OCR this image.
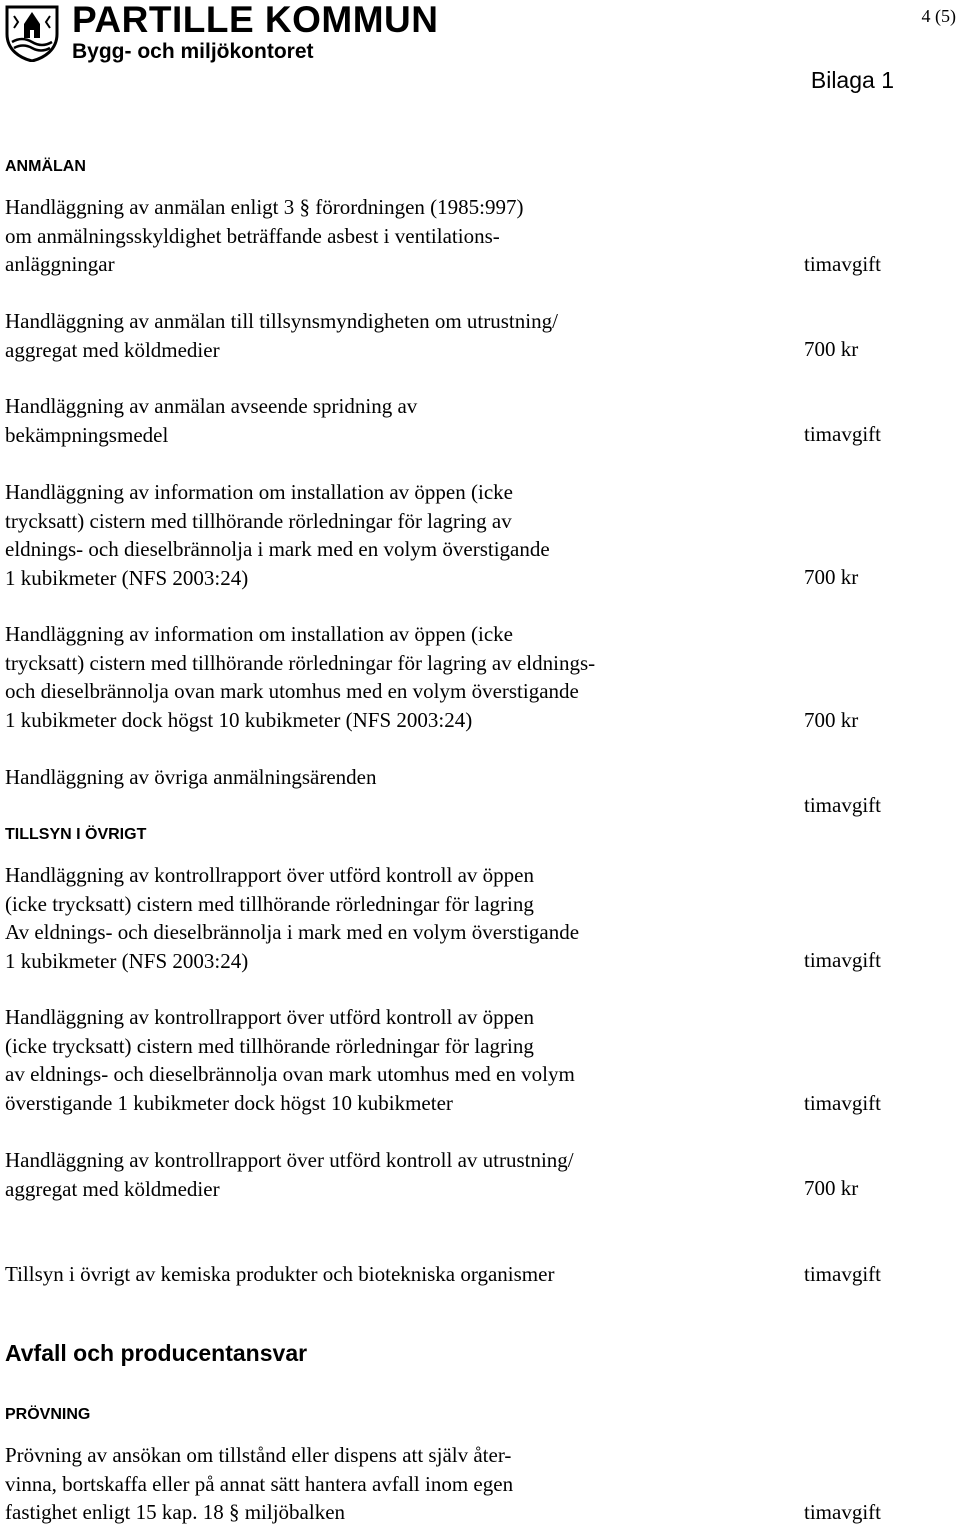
PARTILLE KOMMUN
Bygg- och miljökontoret
4 (5)
Bilaga 1
ANMÄLAN
Handläggning av anmälan enligt 3 § förordningen (1985:997)
om anmälningsskyldighet beträffande asbest i ventilations-
anläggningar	timavgift
Handläggning av anmälan till tillsynsmyndigheten om utrustning/
aggregat med köldmedier	700 kr
Handläggning av anmälan avseende spridning av
bekämpningsmedel	timavgift
Handläggning av information om installation av öppen (icke
trycksatt) cistern med tillhörande rörledningar för lagring av
eldnings- och dieselbrännolja i mark med en volym överstigande
1 kubikmeter (NFS 2003:24)	700 kr
Handläggning av information om installation av öppen (icke
trycksatt) cistern med tillhörande rörledningar för lagring av eldnings-
och dieselbrännolja ovan mark utomhus med en volym överstigande
1 kubikmeter dock högst 10 kubikmeter (NFS 2003:24)	700 kr
Handläggning av övriga anmälningsärenden
timavgift
TILLSYN I ÖVRIGT
Handläggning av kontrollrapport över utförd kontroll av öppen
(icke trycksatt) cistern med tillhörande rörledningar för lagring
Av eldnings- och dieselbrännolja i mark med en volym överstigande
1 kubikmeter (NFS 2003:24)	timavgift
Handläggning av kontrollrapport över utförd kontroll av öppen
(icke trycksatt) cistern med tillhörande rörledningar för lagring
av eldnings- och dieselbrännolja ovan mark utomhus med en volym
överstigande 1 kubikmeter dock högst 10 kubikmeter	timavgift
Handläggning av kontrollrapport över utförd kontroll av utrustning/
aggregat med köldmedier	700 kr
Tillsyn i övrigt av kemiska produkter och biotekniska organismer	timavgift
Avfall och producentansvar
PRÖVNING
Prövning av ansökan om tillstånd eller dispens att själv åter-
vinna, bortskaffa eller på annat sätt hantera avfall inom egen
fastighet enligt 15 kap. 18 § miljöbalken	timavgift
